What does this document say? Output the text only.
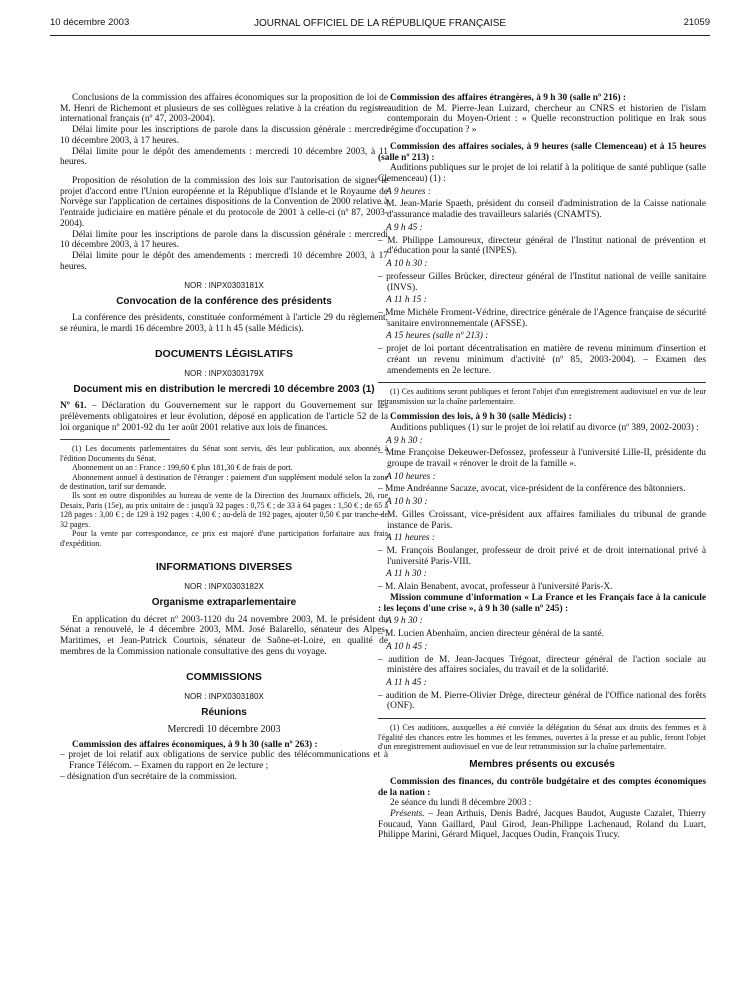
10 décembre 2003	JOURNAL OFFICIEL DE LA RÉPUBLIQUE FRANÇAISE	21059

Conclusions de la commission des affaires économiques sur la proposition de loi de M. Henri de Richemont et plusieurs de ses collègues relative à la création du registre international français (nº 47, 2003-2004).

Délai limite pour les inscriptions de parole dans la discussion générale : mercredi 10 décembre 2003, à 17 heures.

Délai limite pour le dépôt des amendements : mercredi 10 décembre 2003, à 11 heures.

Proposition de résolution de la commission des lois sur l'autorisation de signer le projet d'accord entre l'Union européenne et la République d'Islande et le Royaume de Norvège sur l'application de certaines dispositions de la Convention de 2000 relative à l'entraide judiciaire en matière pénale et du protocole de 2001 à celle-ci (nº 87, 2003-2004).

Délai limite pour les inscriptions de parole dans la discussion générale : mercredi 10 décembre 2003, à 17 heures.

Délai limite pour le dépôt des amendements : mercredi 10 décembre 2003, à 17 heures.

NOR : INPX0303181X
Convocation de la conférence des présidents

La conférence des présidents, constituée conformément à l'article 29 du règlement, se réunira, le mardi 16 décembre 2003, à 11 h 45 (salle Médicis).

DOCUMENTS LÉGISLATIFS
NOR : INPX0303179X
Document mis en distribution le mercredi 10 décembre 2003 (1)

Nº 61. – Déclaration du Gouvernement sur le rapport du Gouvernement sur les prélèvements obligatoires et leur évolution, déposé en application de l'article 52 de la loi organique nº 2001-92 du 1er août 2001 relative aux lois de finances.

(1) Les documents parlementaires du Sénat sont servis, dès leur publication, aux abonnés à l'édition Documents du Sénat.

Abonnement un an : France : 199,60 € plus 181,30 € de frais de port.

Abonnement annuel à destination de l'étranger : paiement d'un supplément modulé selon la zone de destination, tarif sur demande.

Ils sont en outre disponibles au bureau de vente de la Direction des Journaux officiels, 26, rue Desaix, Paris (15e), au prix unitaire de : jusqu'à 32 pages : 0,75 € ; de 33 à 64 pages : 1,50 € ; de 65 à 128 pages : 3,00 € ; de 129 à 192 pages : 4,00 € ; au-delà de 192 pages, ajouter 0,50 € par tranche de 32 pages.

Pour la vente par correspondance, ce prix est majoré d'une participation forfaitaire aux frais d'expédition.

INFORMATIONS DIVERSES
NOR : INPX0303182X
Organisme extraparlementaire

En application du décret nº 2003-1120 du 24 novembre 2003, M. le président du Sénat a renouvelé, le 4 décembre 2003, MM. José Balarello, sénateur des Alpes-Maritimes, et Jean-Patrick Courtois, sénateur de Saône-et-Loire, en qualité de membres de la Commission nationale consultative des gens du voyage.

COMMISSIONS
NOR : INPX0303180X
Réunions
Mercredi 10 décembre 2003

Commission des affaires économiques, à 9 h 30 (salle nº 263) :

– projet de loi relatif aux obligations de service public des télécommunications et à France Télécom. – Examen du rapport en 2e lecture ;

– désignation d'un secrétaire de la commission.

Commission des affaires étrangères, à 9 h 30 (salle nº 216) :

– audition de M. Pierre-Jean Luizard, chercheur au CNRS et historien de l'islam contemporain du Moyen-Orient : « Quelle reconstruction politique en Irak sous régime d'occupation ? »

Commission des affaires sociales, à 9 heures (salle Clemenceau) et à 15 heures (salle nº 213) :

Auditions publiques sur le projet de loi relatif à la politique de santé publique (salle Clemenceau) (1) :

A 9 heures :

– M. Jean-Marie Spaeth, président du conseil d'administration de la Caisse nationale d'assurance maladie des travailleurs salariés (CNAMTS).

A 9 h 45 :

– M. Philippe Lamoureux, directeur général de l'Institut national de prévention et d'éducation pour la santé (INPES).

A 10 h 30 :

– professeur Gilles Brücker, directeur général de l'Institut national de veille sanitaire (INVS).

A 11 h 15 :

– Mme Michèle Froment-Védrine, directrice générale de l'Agence française de sécurité sanitaire environnementale (AFSSE).

A 15 heures (salle nº 213) :

– projet de loi portant décentralisation en matière de revenu minimum d'insertion et créant un revenu minimum d'activité (nº 85, 2003-2004). – Examen des amendements en 2e lecture.

(1) Ces auditions seront publiques et feront l'objet d'un enregistrement audiovisuel en vue de leur retransmission sur la chaîne parlementaire.

Commission des lois, à 9 h 30 (salle Médicis) :

Auditions publiques (1) sur le projet de loi relatif au divorce (nº 389, 2002-2003) :

A 9 h 30 :

– Mme Françoise Dekeuwer-Defossez, professeur à l'université Lille-II, présidente du groupe de travail « rénover le droit de la famille ».

A 10 heures :

– Mme Andréanne Sacaze, avocat, vice-président de la conférence des bâtonniers.

A 10 h 30 :

– M. Gilles Croissant, vice-président aux affaires familiales du tribunal de grande instance de Paris.

A 11 heures :

– M. François Boulanger, professeur de droit privé et de droit international privé à l'université Paris-VIII.

A 11 h 30 :

– M. Alain Benabent, avocat, professeur à l'université Paris-X.

Mission commune d'information « La France et les Français face à la canicule : les leçons d'une crise », à 9 h 30 (salle nº 245) :

A 9 h 30 :

– M. Lucien Abenhaïm, ancien directeur général de la santé.

A 10 h 45 :

– audition de M. Jean-Jacques Trégoat, directeur général de l'action sociale au ministère des affaires sociales, du travail et de la solidarité.

A 11 h 45 :

– audition de M. Pierre-Olivier Drège, directeur général de l'Office national des forêts (ONF).

(1) Ces auditions, auxquelles a été conviée la délégation du Sénat aux droits des femmes et à l'égalité des chances entre les hommes et les femmes, ouvertes à la presse et au public, feront l'objet d'un enregistrement audiovisuel en vue de leur retransmission sur la chaîne parlementaire.

Membres présents ou excusés

Commission des finances, du contrôle budgétaire et des comptes économiques de la nation :

2e séance du lundi 8 décembre 2003 :

Présents. – Jean Arthuis, Denis Badré, Jacques Baudot, Auguste Cazalet, Thierry Foucaud, Yann Gaillard, Paul Girod, Jean-Philippe Lachenaud, Roland du Luart, Philippe Marini, Gérard Miquel, Jacques Oudin, François Trucy.
